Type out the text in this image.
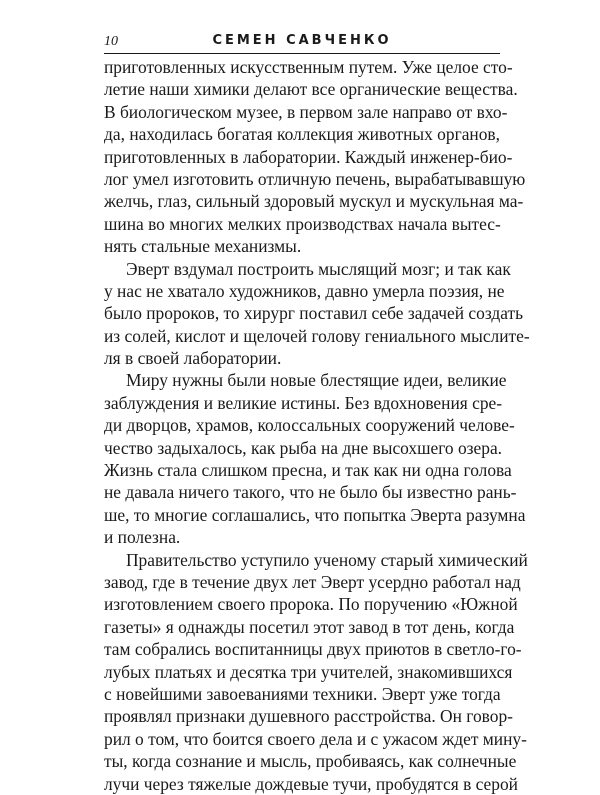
10	СЕМЕН САВЧЕНКО
приготовленных искусственным путем. Уже целое сто-
летие наши химики делают все органические вещества.
В биологическом музее, в первом зале направо от вхо-
да, находилась богатая коллекция животных органов,
приготовленных в лаборатории. Каждый инженер-био-
лог умел изготовить отличную печень, вырабатывавшую
желчь, глаз, сильный здоровый мускул и мускульная ма-
шина во многих мелких производствах начала вытес-
нять стальные механизмы.
Эверт вздумал построить мыслящий мозг; и так как
у нас не хватало художников, давно умерла поэзия, не
было пророков, то хирург поставил себе задачей создать
из солей, кислот и щелочей голову гениального мыслите-
ля в своей лаборатории.
Миру нужны были новые блестящие идеи, великие
заблуждения и великие истины. Без вдохновения сре-
ди дворцов, храмов, колоссальных сооружений челове-
чество задыхалось, как рыба на дне высохшего озера.
Жизнь стала слишком пресна, и так как ни одна голова
не давала ничего такого, что не было бы известно рань-
ше, то многие соглашались, что попытка Эверта разумна
и полезна.
Правительство уступило ученому старый химический
завод, где в течение двух лет Эверт усердно работал над
изготовлением своего пророка. По поручению «Южной
газеты» я однажды посетил этот завод в тот день, когда
там собрались воспитанницы двух приютов в светло-го-
лубых платьях и десятка три учителей, знакомившихся
с новейшими завоеваниями техники. Эверт уже тогда
проявлял признаки душевного расстройства. Он говор-
рил о том, что боится своего дела и с ужасом ждет мину-
ты, когда сознание и мысль, пробиваясь, как солнечные
лучи через тяжелые дождевые тучи, пробудятся в серой
